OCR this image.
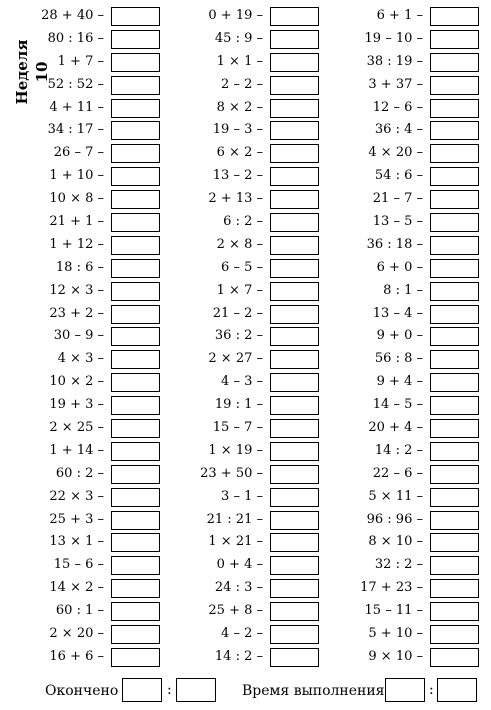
Неделя 10
28 + 40 –
80 : 16 –
1 + 7 –
52 : 52 –
4 + 11 –
34 : 17 –
26 – 7 –
1 + 10 –
10 × 8 –
21 + 1 –
1 + 12 –
18 : 6 –
12 × 3 –
23 + 2 –
30 – 9 –
4 × 3 –
10 × 2 –
19 + 3 –
2 × 25 –
1 + 14 –
60 : 2 –
22 × 3 –
25 + 3 –
13 × 1 –
15 – 6 –
14 × 2 –
60 : 1 –
2 × 20 –
16 + 6 –
0 + 19 –
45 : 9 –
1 × 1 –
2 – 2 –
8 × 2 –
19 – 3 –
6 × 2 –
13 – 2 –
2 + 13 –
6 : 2 –
2 × 8 –
6 – 5 –
1 × 7 –
21 – 2 –
36 : 2 –
2 × 27 –
4 – 3 –
19 : 1 –
15 – 7 –
1 × 19 –
23 + 50 –
3 – 1 –
21 : 21 –
1 × 21 –
0 + 4 –
24 : 3 –
25 + 8 –
4 – 2 –
14 : 2 –
6 + 1 –
19 – 10 –
38 : 19 –
3 + 37 –
12 – 6 –
36 : 4 –
4 × 20 –
54 : 6 –
21 – 7 –
13 – 5 –
36 : 18 –
6 + 0 –
8 : 1 –
13 – 4 –
9 + 0 –
56 : 8 –
9 + 4 –
14 – 5 –
20 + 4 –
14 : 2 –
22 – 6 –
5 × 11 –
96 : 96 –
8 × 10 –
32 : 2 –
17 + 23 –
15 – 11 –
5 + 10 –
9 × 10 –
Окончено	:	Время выполнения	:
